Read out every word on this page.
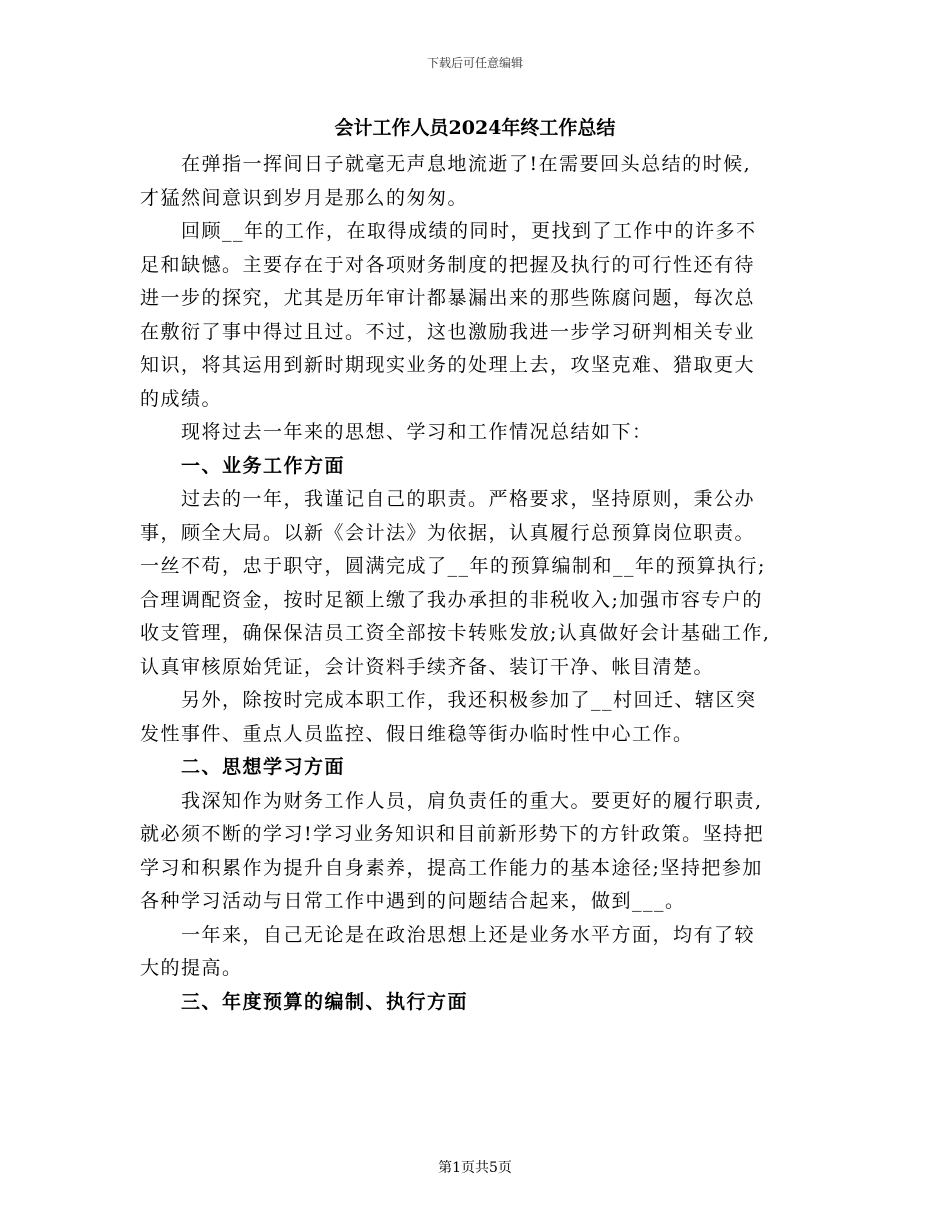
下载后可任意编辑
会计工作人员2024年终工作总结

　　在弹指一挥间日子就毫无声息地流逝了!在需要回头总结的时候,

才猛然间意识到岁月是那么的匆匆。

　　回顾__年的工作，在取得成绩的同时，更找到了工作中的许多不

足和缺憾。主要存在于对各项财务制度的把握及执行的可行性还有待

进一步的探究，尤其是历年审计都暴漏出来的那些陈腐问题，每次总

在敷衍了事中得过且过。不过，这也激励我进一步学习研判相关专业

知识，将其运用到新时期现实业务的处理上去，攻坚克难、猎取更大

的成绩。

　　现将过去一年来的思想、学习和工作情况总结如下：

　　一、业务工作方面

　　过去的一年，我谨记自己的职责。严格要求，坚持原则，秉公办

事，顾全大局。以新《会计法》为依据，认真履行总预算岗位职责。

一丝不苟，忠于职守，圆满完成了__年的预算编制和__年的预算执行;

合理调配资金，按时足额上缴了我办承担的非税收入;加强市容专户的

收支管理，确保保洁员工资全部按卡转账发放;认真做好会计基础工作,

认真审核原始凭证，会计资料手续齐备、装订干净、帐目清楚。

　　另外，除按时完成本职工作，我还积极参加了__村回迁、辖区突

发性事件、重点人员监控、假日维稳等街办临时性中心工作。

　　二、思想学习方面

　　我深知作为财务工作人员，肩负责任的重大。要更好的履行职责,

就必须不断的学习!学习业务知识和目前新形势下的方针政策。坚持把

学习和积累作为提升自身素养，提高工作能力的基本途径;坚持把参加

各种学习活动与日常工作中遇到的问题结合起来，做到___。

　　一年来，自己无论是在政治思想上还是业务水平方面，均有了较

大的提高。

　　三、年度预算的编制、执行方面

第1页共5页
